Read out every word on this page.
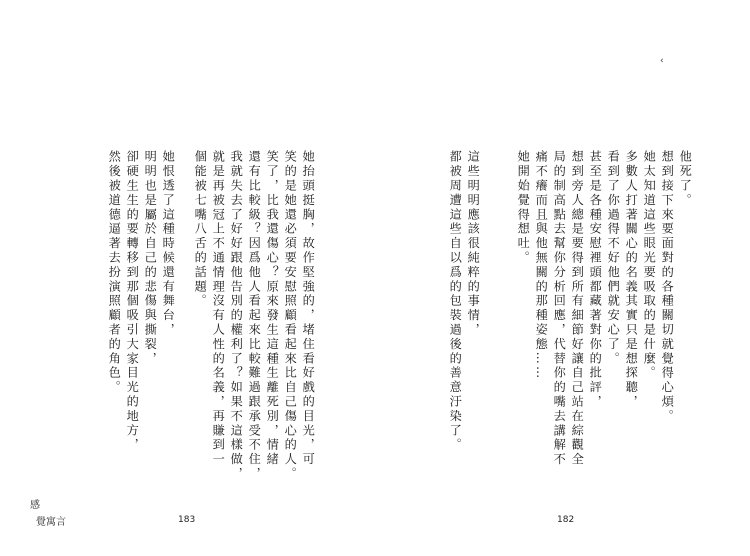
‹
他死了。
想到接下來要面對的各種關切就覺得心煩。
她太知道這些眼光要吸取的是什麼。
多數人打著關心的名義其實只是想探聽，
看到了你過得不好他們就安心了。
甚至是各種安慰裡頭都藏著對你的批評，
想到旁人總是要得到所有細節好讓自己站在綜觀全
局的制高點去幫你分析回應，代替你的嘴去講解不
痛不癢而且與他無關的那種姿態……
她開始覺得想吐。
這些明明應該很純粹的事情，
都被周遭這些自以爲的包裝過後的善意汙染了。
她抬頭挺胸，故作堅強的，堵住看好戲的目光，可
笑的是她還必須要安慰照顧看起來比自己傷心的人。
笑了，比我還傷心？原來發生這種生離死別，情緒
還有比較級？因爲他人看起來比較難過跟承受不住，
我就失去了好好跟他告別的權利了？如果不這樣做，
就是再被冠上不通情理沒有人性的名義，再賺到一
個能被七嘴八舌的話題。
她恨透了這種時候還有舞台，
明明也是屬於自己的悲傷與撕裂，
卻硬生生的要轉移到那個吸引大家目光的地方，
然後被道德逼著去扮演照顧者的角色。
感
覺寓言	183	182
